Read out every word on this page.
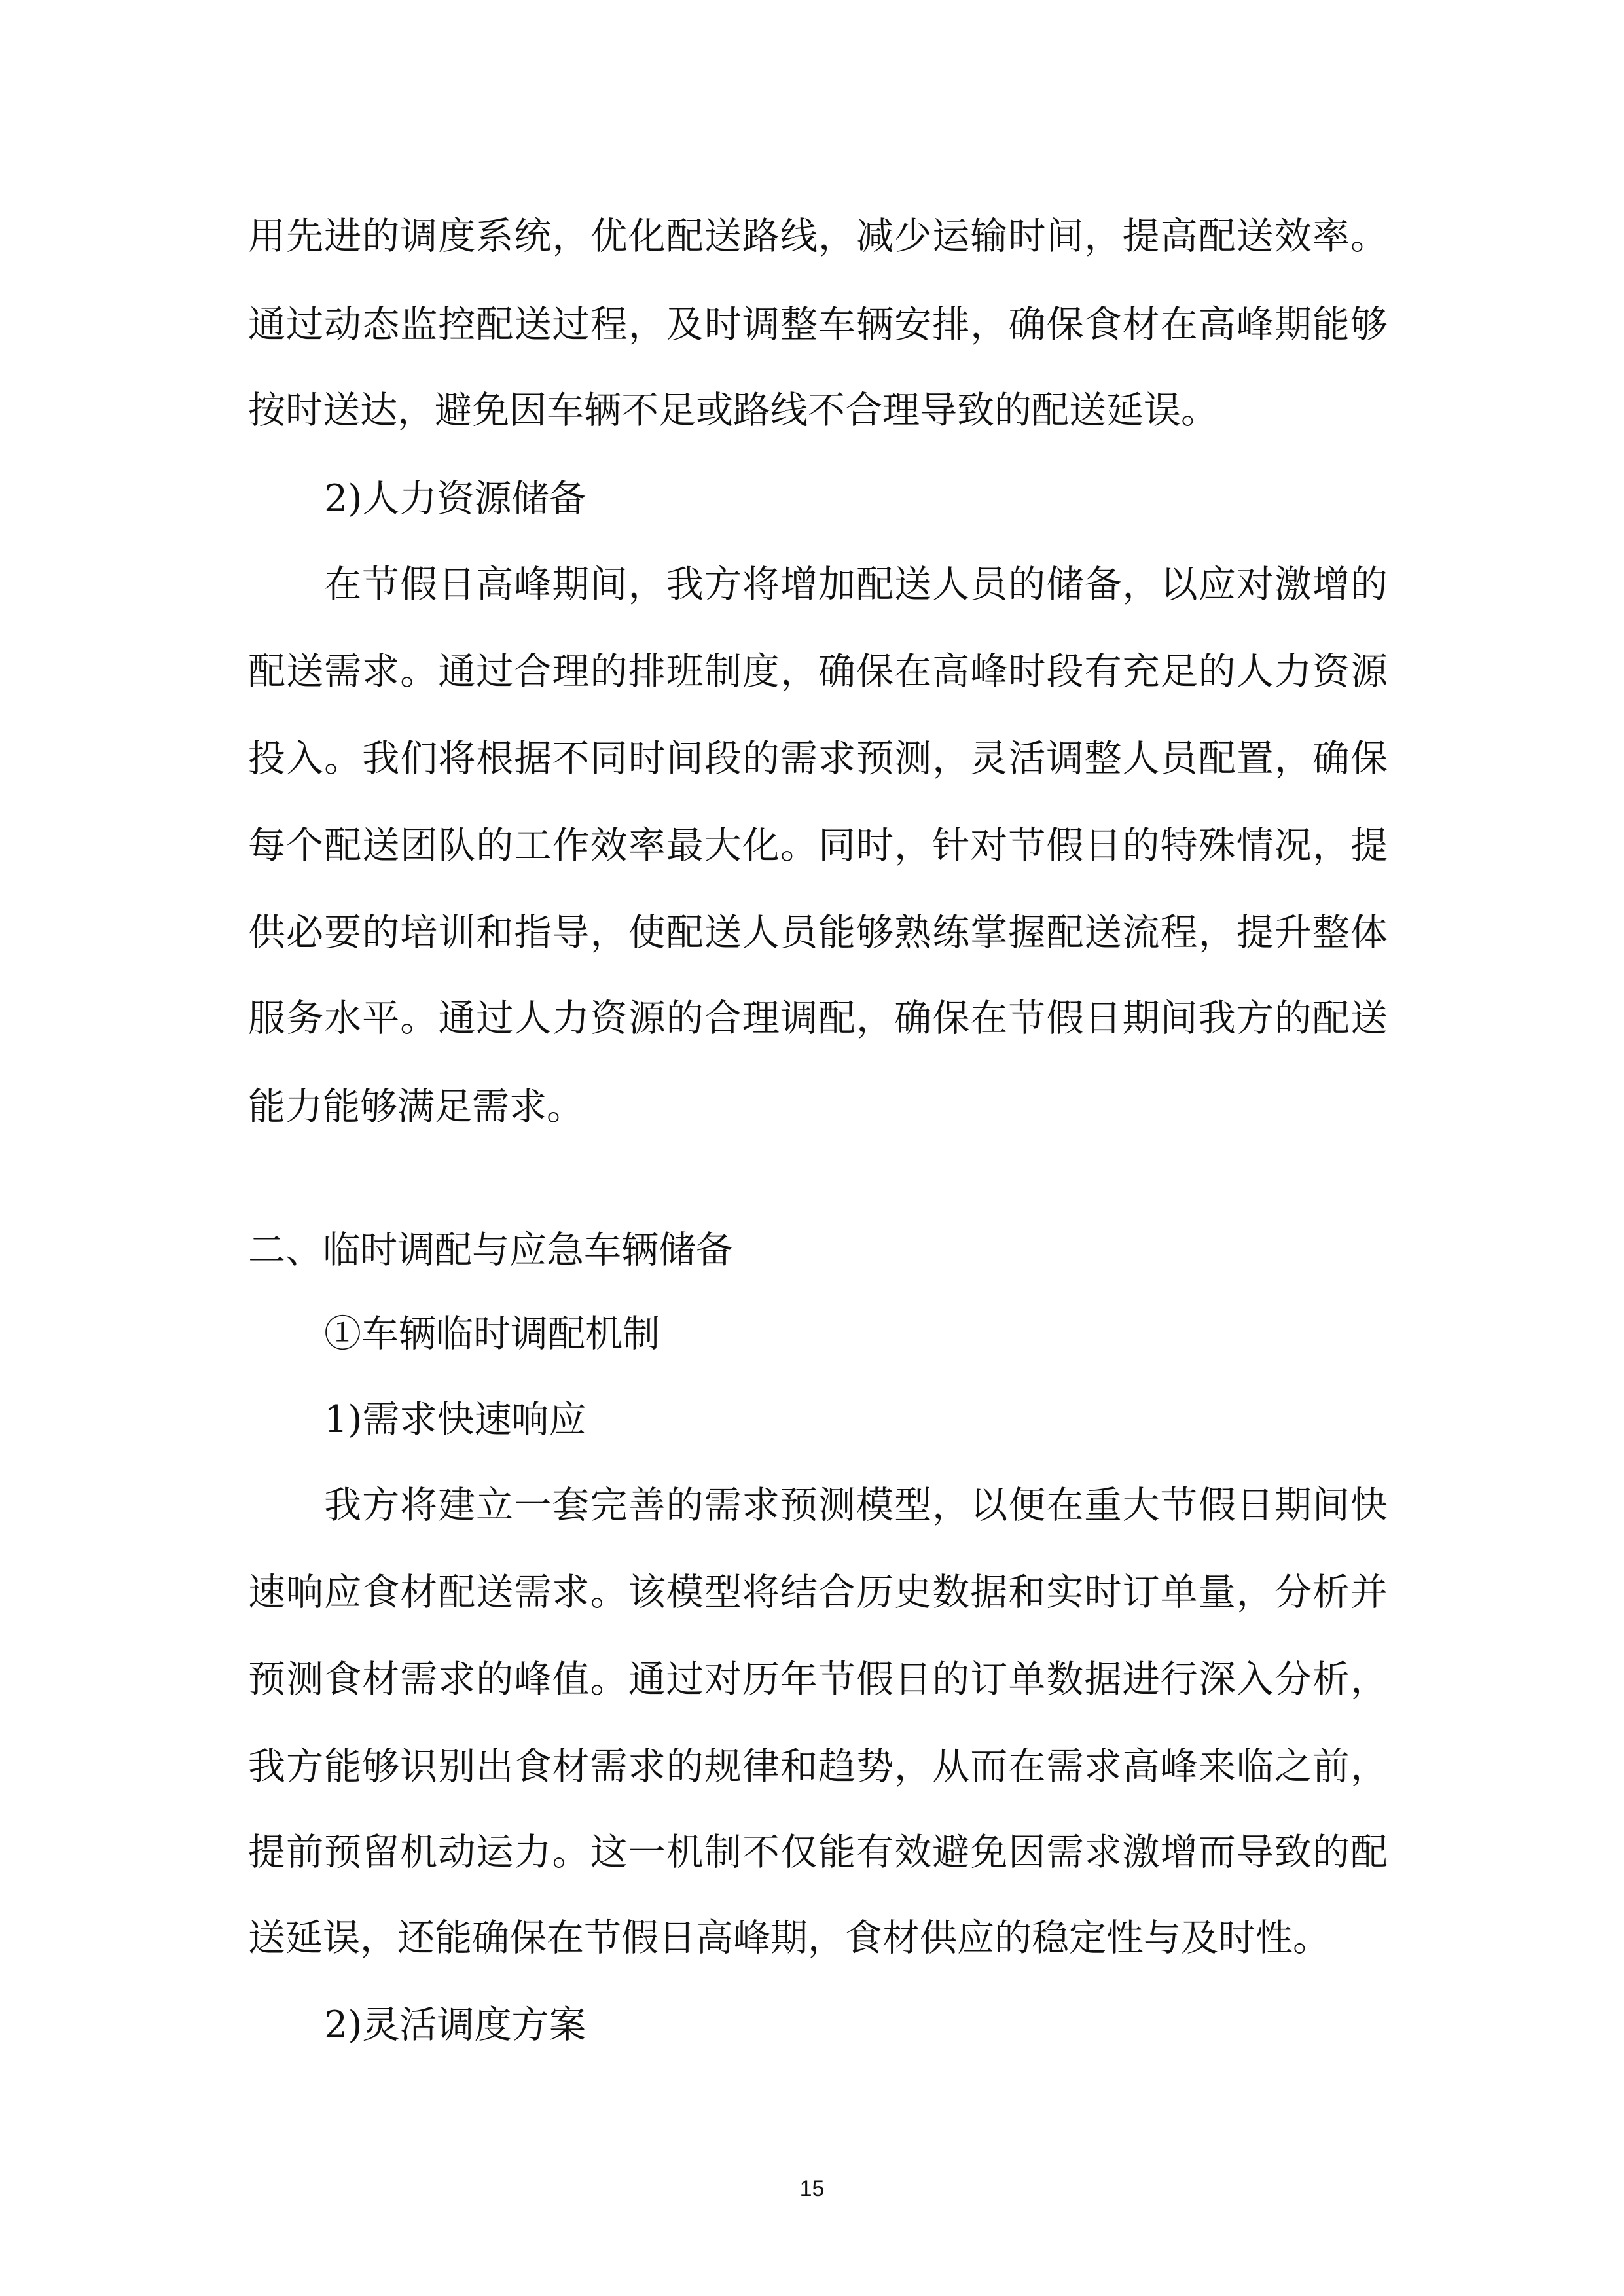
用先进的调度系统，优化配送路线，减少运输时间，提高配送效率。
通过动态监控配送过程，及时调整车辆安排，确保食材在高峰期能够
按时送达，避免因车辆不足或路线不合理导致的配送延误。
2)人力资源储备
在节假日高峰期间，我方将增加配送人员的储备，以应对激增的
配送需求。通过合理的排班制度，确保在高峰时段有充足的人力资源
投入。我们将根据不同时间段的需求预测，灵活调整人员配置，确保
每个配送团队的工作效率最大化。同时，针对节假日的特殊情况，提
供必要的培训和指导，使配送人员能够熟练掌握配送流程，提升整体
服务水平。通过人力资源的合理调配，确保在节假日期间我方的配送
能力能够满足需求。
二、临时调配与应急车辆储备
①车辆临时调配机制
1)需求快速响应
我方将建立一套完善的需求预测模型，以便在重大节假日期间快
速响应食材配送需求。该模型将结合历史数据和实时订单量，分析并
预测食材需求的峰值。通过对历年节假日的订单数据进行深入分析，
我方能够识别出食材需求的规律和趋势，从而在需求高峰来临之前，
提前预留机动运力。这一机制不仅能有效避免因需求激增而导致的配
送延误，还能确保在节假日高峰期，食材供应的稳定性与及时性。
2)灵活调度方案
15
